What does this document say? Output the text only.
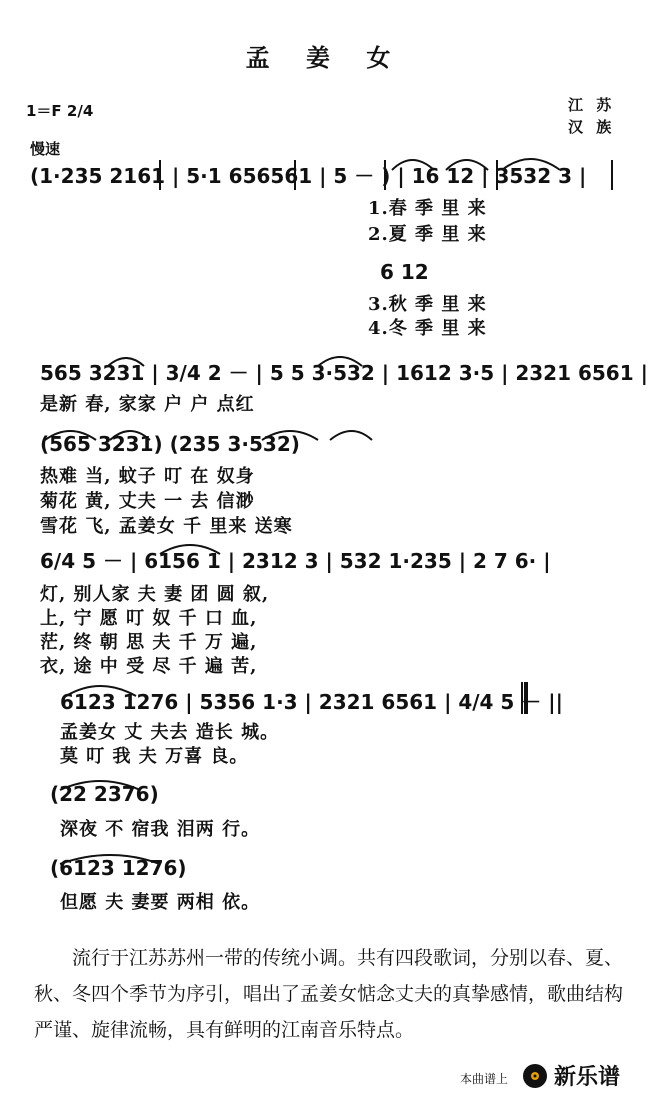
孟 姜 女
1＝F 2/4	江 苏
汉 族
慢速
(1·235 2161 | 5·1 656561 | 5 － ) | 16 12 | 3532 3 |
1.春 季 里 来
2.夏 季 里 来
6 12
3.秋 季 里 来
4.冬 季 里 来
565 3231 | 3/4 2 － | 5 5 3·532 | 1612 3·5 | 2321 6561 |
是新 春, 家家 户 户 点红
(565 3231) (235 3·532)
热难 当, 蚊子 叮 在 奴身
菊花 黄, 丈夫 一 去 信渺
雪花 飞, 孟姜女 千 里来 送寒
6/4 5 － | 6156 1 | 2312 3 | 532 1·235 | 2 7 6· |
灯, 别人家 夫 妻 团 圆 叙,
上, 宁 愿 叮 奴 千 口 血,
茫, 终 朝 思 夫 千 万 遍,
衣, 途 中 受 尽 千 遍 苦,
6123 1276 | 5356 1·3 | 2321 6561 | 4/4 5 － ||
孟姜女 丈 夫去 造长 城。
莫 叮 我 夫 万喜 良。
(22 2376)
深夜 不 宿我 泪两 行。
(6123 1276)
但愿 夫 妻要 两相 依。
流行于江苏苏州一带的传统小调。共有四段歌词，分别以春、夏、秋、冬四个季节为序引，唱出了孟姜女惦念丈夫的真挚感情，歌曲结构严谨、旋律流畅，具有鲜明的江南音乐特点。
本曲谱上 新乐谱
